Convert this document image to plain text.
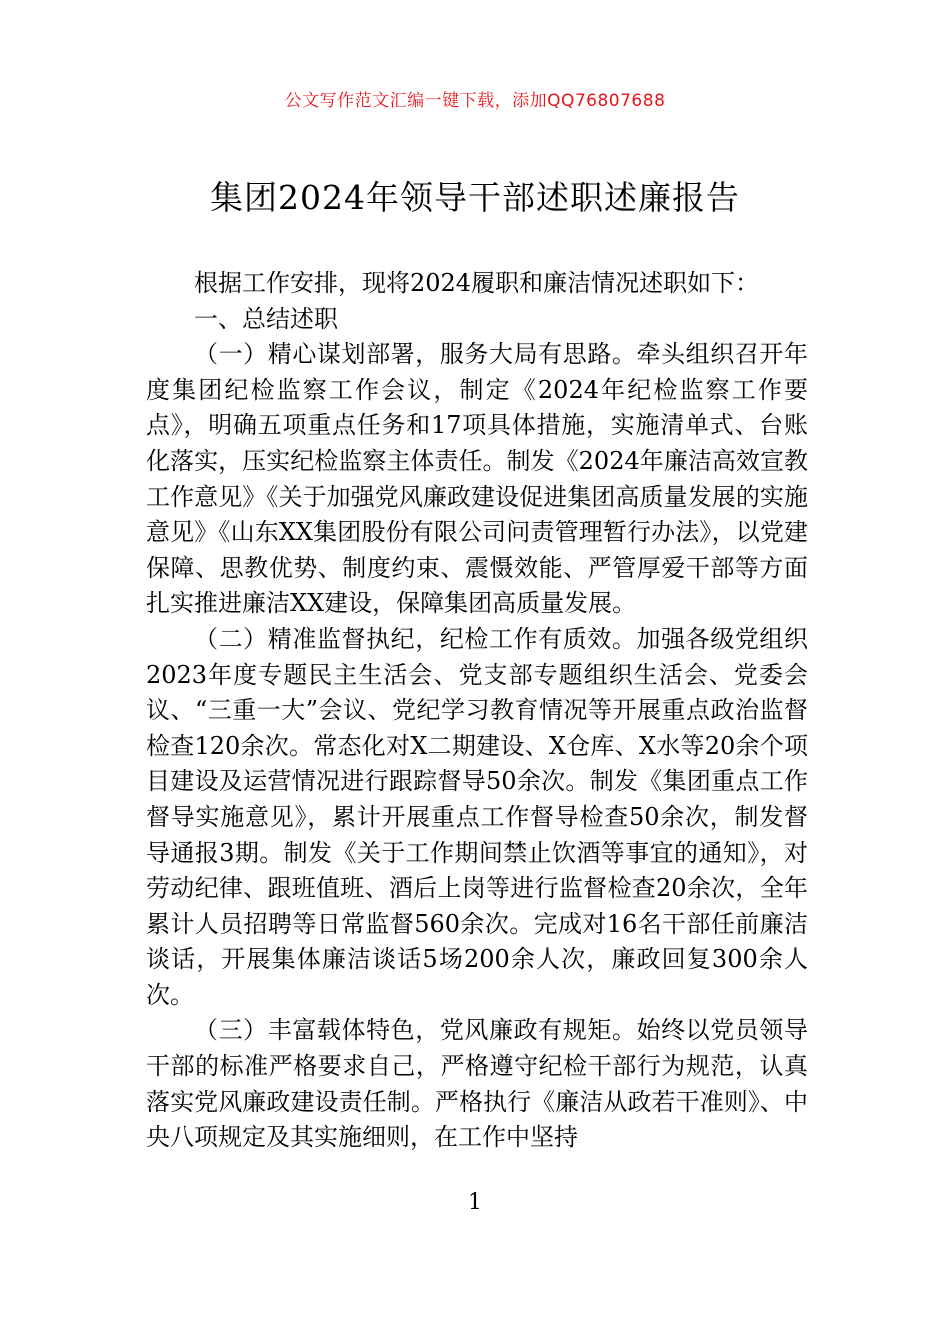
公文写作范文汇编一键下载，添加QQ76807688
集团2024年领导干部述职述廉报告

根据工作安排，现将2024履职和廉洁情况述职如下：

一、总结述职

（一）精心谋划部署，服务大局有思路。牵头组织召开年度集团纪检监察工作会议，制定《2024年纪检监察工作要点》，明确五项重点任务和17项具体措施，实施清单式、台账化落实，压实纪检监察主体责任。制发《2024年廉洁高效宣教工作意见》《关于加强党风廉政建设促进集团高质量发展的实施意见》《山东XX集团股份有限公司问责管理暂行办法》，以党建保障、思教优势、制度约束、震慑效能、严管厚爱干部等方面扎实推进廉洁XX建设，保障集团高质量发展。

（二）精准监督执纪，纪检工作有质效。加强各级党组织2023年度专题民主生活会、党支部专题组织生活会、党委会议、“三重一大”会议、党纪学习教育情况等开展重点政治监督检查120余次。常态化对X二期建设、X仓库、X水等20余个项目建设及运营情况进行跟踪督导50余次。制发《集团重点工作督导实施意见》，累计开展重点工作督导检查50余次，制发督导通报3期。制发《关于工作期间禁止饮酒等事宜的通知》，对劳动纪律、跟班值班、酒后上岗等进行监督检查20余次，全年累计人员招聘等日常监督560余次。完成对16名干部任前廉洁谈话，开展集体廉洁谈话5场200余人次，廉政回复300余人次。

（三）丰富载体特色，党风廉政有规矩。始终以党员领导干部的标准严格要求自己，严格遵守纪检干部行为规范，认真落实党风廉政建设责任制。严格执行《廉洁从政若干准则》、中央八项规定及其实施细则，在工作中坚持

1
